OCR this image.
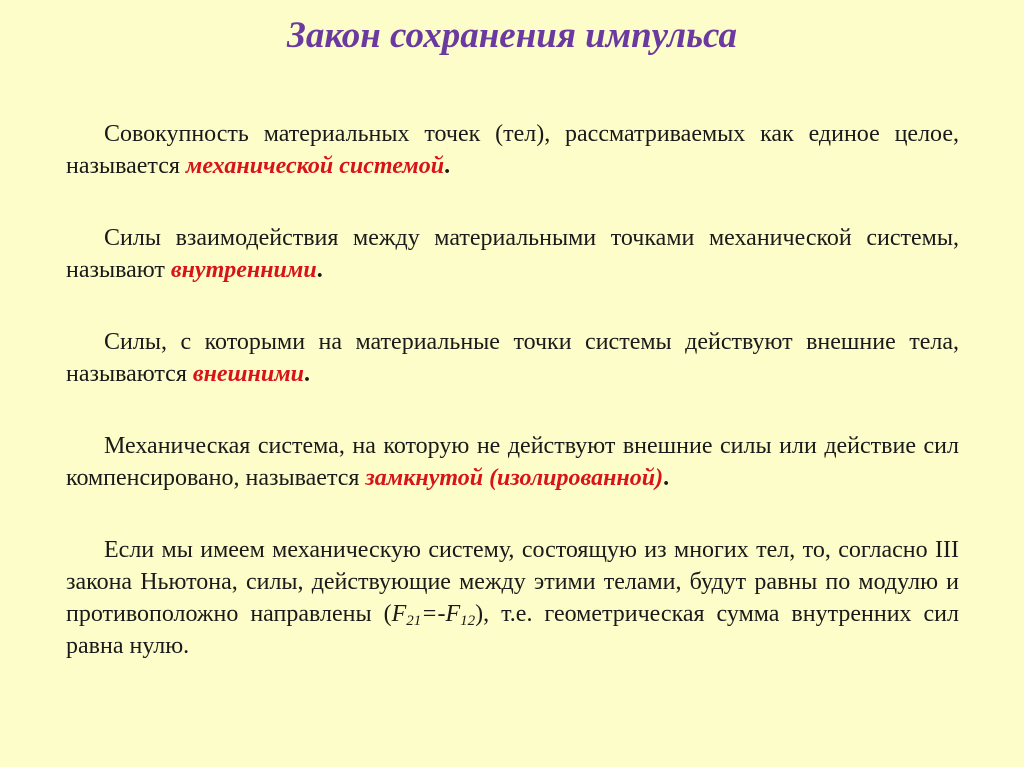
Закон сохранения импульса

Совокупность материальных точек (тел), рассматриваемых как единое целое, называется механической системой.

Силы взаимодействия между материальными точками механической системы, называют внутренними.

Силы, с которыми на материальные точки системы действуют внешние тела, называются внешними.

Механическая система, на которую не действуют внешние силы или действие сил компенсировано, называется замкнутой (изолированной).

Если мы имеем механическую систему, состоящую из многих тел, то, согласно III закона Ньютона, силы, действующие между этими телами, будут равны по модулю и противоположно направлены $(F_{21}=-F_{12})$, т.е. геометрическая сумма внутренних сил равна нулю.
